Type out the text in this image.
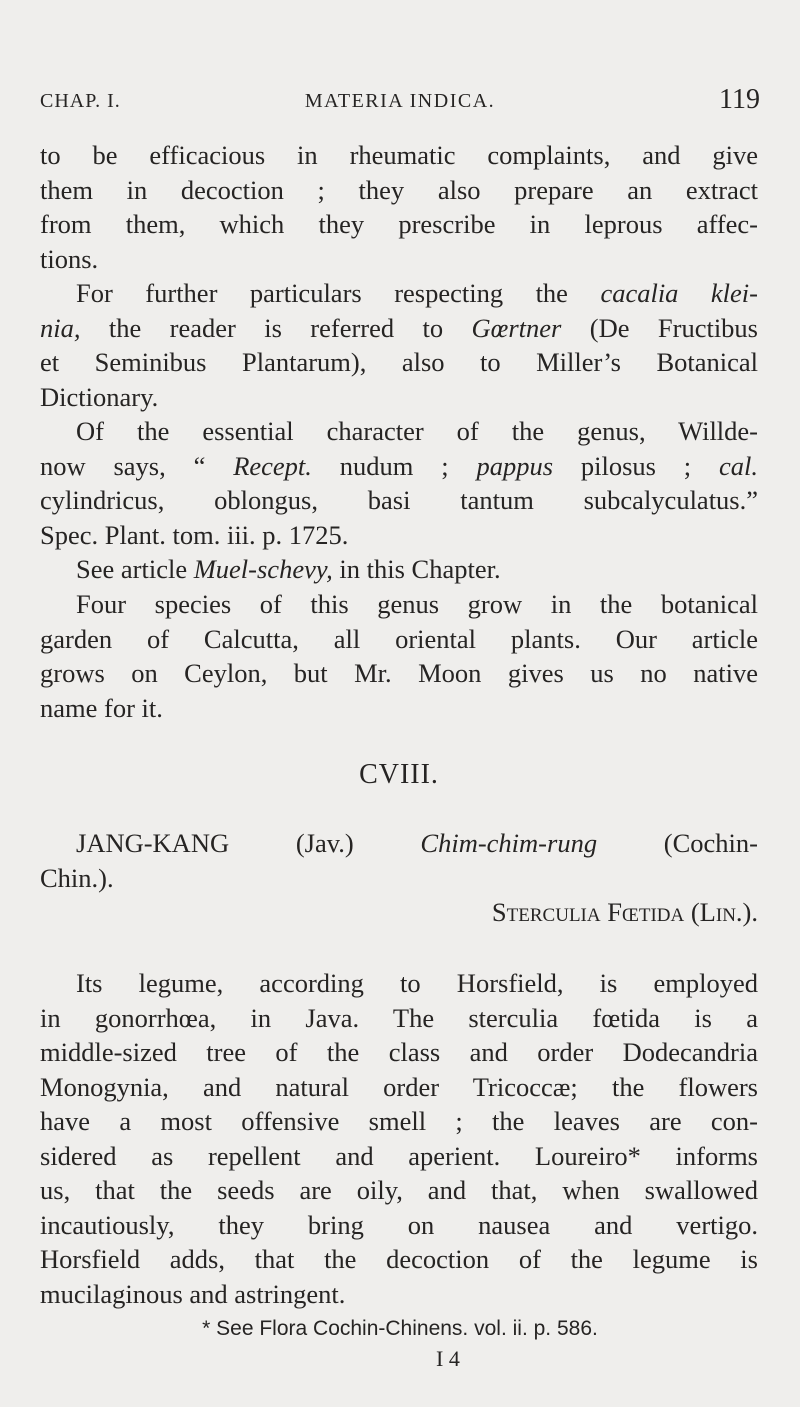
CHAP. I.	MATERIA INDICA.	119
to be efficacious in rheumatic complaints, and give
them in decoction ; they also prepare an extract
from them, which they prescribe in leprous affec-
tions.
For further particulars respecting the cacalia klei-
nia, the reader is referred to Gœrtner (De Fructibus
et Seminibus Plantarum), also to Miller’s Botanical
Dictionary.
Of the essential character of the genus, Willde-
now says, “ Recept. nudum ; pappus pilosus ; cal.
cylindricus, oblongus, basi tantum subcalyculatus.”
Spec. Plant. tom. iii. p. 1725.
See article Muel-schevy, in this Chapter.
Four species of this genus grow in the botanical
garden of Calcutta, all oriental plants. Our article
grows on Ceylon, but Mr. Moon gives us no native
name for it.
CVIII.
JANG-KANG (Jav.) Chim-chim-rung (Cochin-
Chin.).
Sterculia Fœtida (Lin.).
Its legume, according to Horsfield, is employed
in gonorrhœa, in Java. The sterculia fœtida is a
middle-sized tree of the class and order Dodecandria
Monogynia, and natural order Tricoccæ; the flowers
have a most offensive smell ; the leaves are con-
sidered as repellent and aperient. Loureiro* informs
us, that the seeds are oily, and that, when swallowed
incautiously, they bring on nausea and vertigo.
Horsfield adds, that the decoction of the legume is
mucilaginous and astringent.
* See Flora Cochin-Chinens. vol. ii. p. 586.
I 4
